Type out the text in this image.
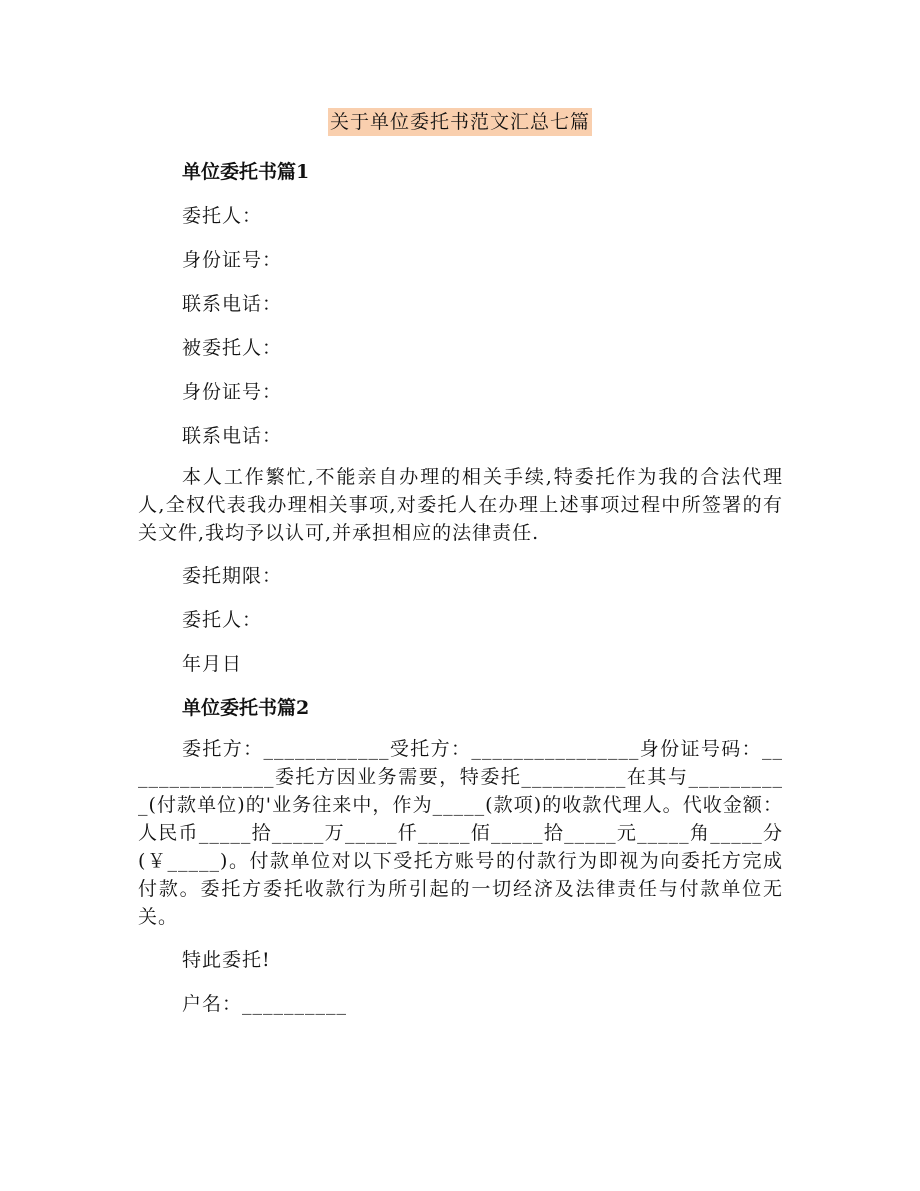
关于单位委托书范文汇总七篇
单位委托书篇1
委托人：
身份证号：
联系电话：
被委托人：
身份证号：
联系电话：
本人工作繁忙,不能亲自办理的相关手续,特委托作为我的合法代理人,全权代表我办理相关事项,对委托人在办理上述事项过程中所签署的有关文件,我均予以认可,并承担相应的法律责任.
委托期限：
委托人：
年月日
单位委托书篇2
委托方：____________受托方：________________身份证号码：_______________委托方因业务需要，特委托__________在其与__________(付款单位)的'业务往来中，作为_____(款项)的收款代理人。代收金额：人民币_____拾_____万_____仟_____佰_____拾_____元_____角_____分(￥_____)。付款单位对以下受托方账号的付款行为即视为向委托方完成付款。委托方委托收款行为所引起的一切经济及法律责任与付款单位无关。
特此委托!
户名：__________
